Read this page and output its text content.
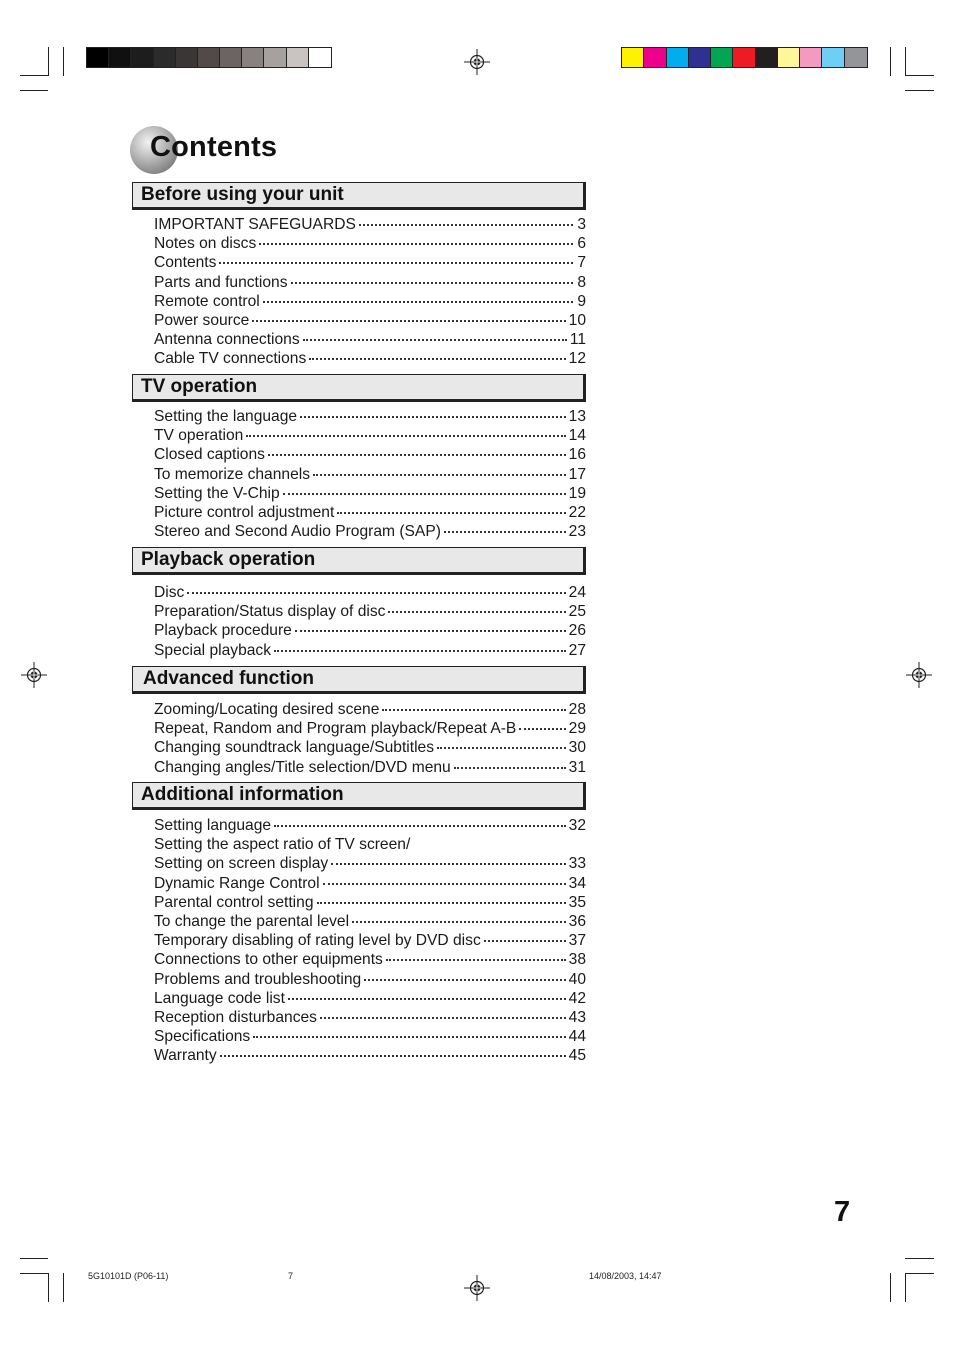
Contents
Before using your unit
IMPORTANT SAFEGUARDS	3
Notes on discs	6
Contents	7
Parts and functions	8
Remote control	9
Power source	10
Antenna connections	11
Cable TV connections	12
TV operation
Setting the language	13
TV operation	14
Closed captions	16
To memorize channels	17
Setting the V-Chip	19
Picture control adjustment	22
Stereo and Second Audio Program (SAP)	23
Playback operation
Disc	24
Preparation/Status display of disc	25
Playback procedure	26
Special playback	27
Advanced function
Zooming/Locating desired scene	28
Repeat, Random and Program playback/Repeat A-B	29
Changing soundtrack language/Subtitles	30
Changing angles/Title selection/DVD menu	31
Additional information
Setting language	32
Setting the aspect ratio of TV screen/
Setting on screen display	33
Dynamic Range Control	34
Parental control setting	35
To change the parental level	36
Temporary disabling of rating level by DVD disc	37
Connections to other equipments	38
Problems and troubleshooting	40
Language code list	42
Reception disturbances	43
Specifications	44
Warranty	45
7
5G10101D (P06-11)	7	14/08/2003, 14:47
